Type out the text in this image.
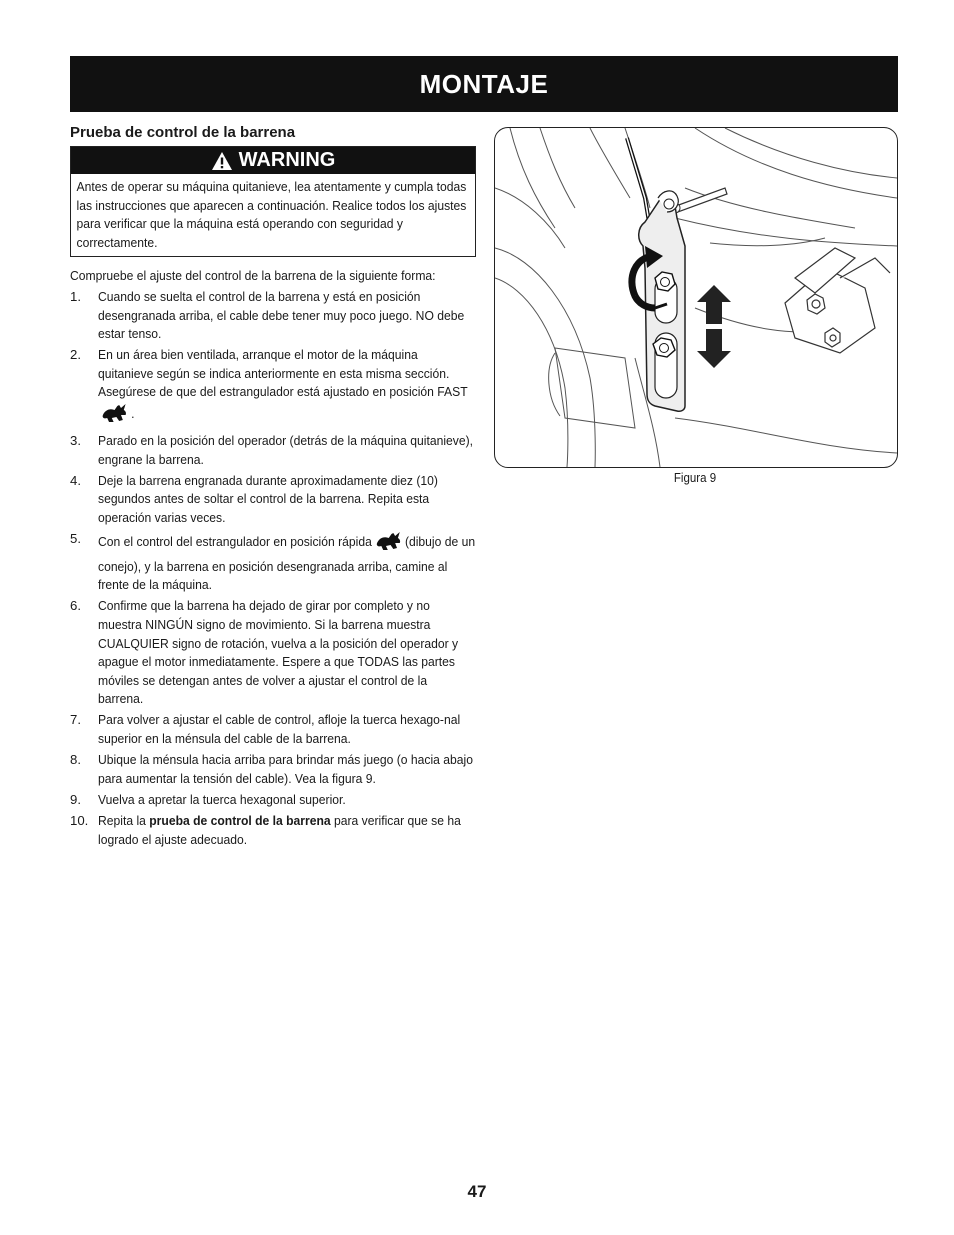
MONTAJE
Prueba de control de la barrena
WARNING
Antes de operar su máquina quitanieve, lea atentamente y cumpla todas las instrucciones que aparecen a continuación. Realice todos los ajustes para verificar que la máquina está operando con seguridad y correctamente.
Compruebe el ajuste del control de la barrena de la siguiente forma:
1.	Cuando se suelta el control de la barrena y está en posición desengranada arriba, el cable debe tener muy poco juego. NO debe estar tenso.
2.	En un área bien ventilada, arranque el motor de la máquina quitanieve según se indica anteriormente en esta misma sección. Asegúrese de que del estrangulador está ajustado en posición FAST.
3.	Parado en la posición del operador (detrás de la máquina quitanieve), engrane la barrena.
4.	Deje la barrena engranada durante aproximadamente diez (10) segundos antes de soltar el control de la barrena. Repita esta operación varias veces.
5.	Con el control del estrangulador en posición rápida	(dibujo de un conejo), y la barrena en posición desengranada arriba, camine al frente de la máquina.
6.	Confirme que la barrena ha dejado de girar por completo y no muestra NINGÚN signo de movimiento. Si la barrena muestra CUALQUIER signo de rotación, vuelva a la posición del operador y apague el motor inmediatamente. Espere a que TODAS las partes móviles se detengan antes de volver a ajustar el control de la barrena.
7.	Para volver a ajustar el cable de control, afloje la tuerca hexago-nal superior en la ménsula del cable de la barrena.
8.	Ubique la ménsula hacia arriba para brindar más juego (o hacia abajo para aumentar la tensión del cable). Vea la figura 9.
9.	Vuelva a apretar la tuerca hexagonal superior.
10. Repita la prueba de control de la barrena para verificar que se ha logrado el ajuste adecuado.
Figura 9
47
